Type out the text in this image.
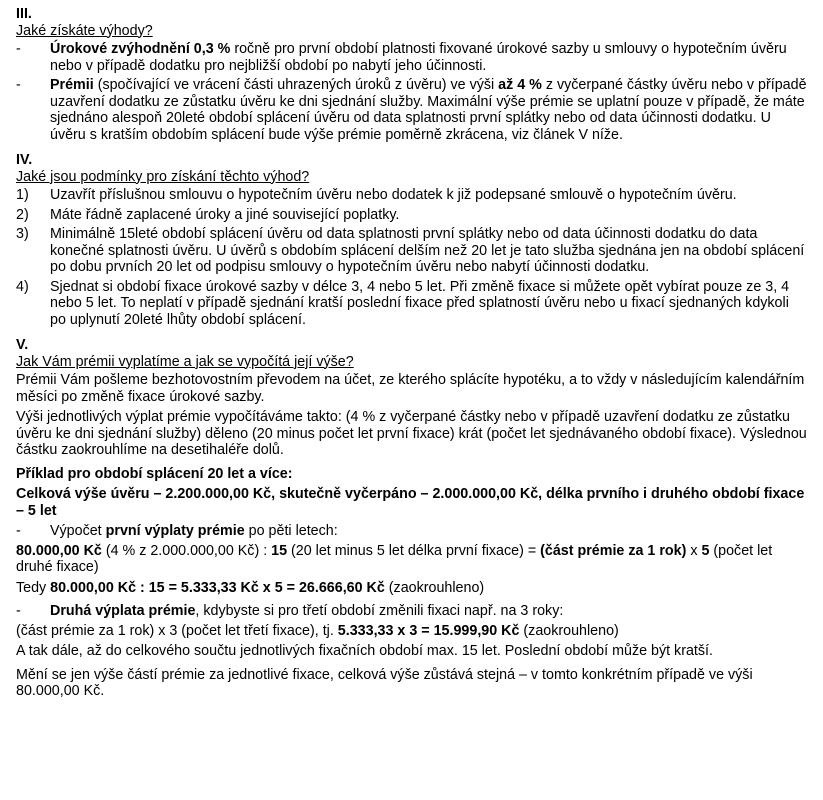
III.

Jaké získáte výhody?

-	Úrokové zvýhodnění 0,3 % ročně pro první období platnosti fixované úrokové sazby u smlouvy o hypotečním úvěru nebo v případě dodatku pro nejbližší období po nabytí jeho účinnosti.
-	Prémii (spočívající ve vrácení části uhrazených úroků z úvěru) ve výši až 4 % z vyčerpané částky úvěru nebo v případě uzavření dodatku ze zůstatku úvěru ke dni sjednání služby. Maximální výše prémie se uplatní pouze v případě, že máte sjednáno alespoň 20leté období splácení úvěru od data splatnosti první splátky nebo od data účinnosti dodatku. U úvěru s kratším obdobím splácení bude výše prémie poměrně zkrácena, viz článek V níže.

IV.

Jaké jsou podmínky pro získání těchto výhod?

1)	Uzavřít příslušnou smlouvu o hypotečním úvěru nebo dodatek k již podepsané smlouvě o hypotečním úvěru.
2)	Máte řádně zaplacené úroky a jiné související poplatky.
3)	Minimálně 15leté období splácení úvěru od data splatnosti první splátky nebo od data účinnosti dodatku do data konečné splatnosti úvěru. U úvěrů s obdobím splácení delším než 20 let je tato služba sjednána jen na období splácení po dobu prvních 20 let od podpisu smlouvy o hypotečním úvěru nebo nabytí účinnosti dodatku.
4)	Sjednat si období fixace úrokové sazby v délce 3, 4 nebo 5 let. Při změně fixace si můžete opět vybírat pouze ze 3, 4 nebo 5 let. To neplatí v případě sjednání kratší poslední fixace před splatností úvěru nebo u fixací sjednaných kdykoli po uplynutí 20leté lhůty období splácení.

V.

Jak Vám prémii vyplatíme a jak se vypočítá její výše?

Prémii Vám pošleme bezhotovostním převodem na účet, ze kterého splácíte hypotéku, a to vždy v následujícím kalendářním měsíci po změně fixace úrokové sazby.

Výši jednotlivých výplat prémie vypočítáváme takto: (4 % z vyčerpané částky nebo v případě uzavření dodatku ze zůstatku úvěru ke dni sjednání služby) děleno (20 minus počet let první fixace) krát (počet let sjednávaného období fixace). Výslednou částku zaokrouhlíme na desetihaléře dolů.

Příklad pro období splácení 20 let a více:

Celková výše úvěru – 2.200.000,00 Kč, skutečně vyčerpáno – 2.000.000,00 Kč, délka prvního i druhého období fixace – 5 let

-	Výpočet první výplaty prémie po pěti letech:

80.000,00 Kč (4 % z 2.000.000,00 Kč) : 15 (20 let minus 5 let délka první fixace) = (část prémie za 1 rok) x 5 (počet let druhé fixace)

Tedy 80.000,00 Kč : 15 = 5.333,33 Kč x 5 = 26.666,60 Kč (zaokrouhleno)

-	Druhá výplata prémie, kdybyste si pro třetí období změnili fixaci např. na 3 roky:

(část prémie za 1 rok) x 3 (počet let třetí fixace), tj. 5.333,33 x 3 = 15.999,90 Kč (zaokrouhleno)

A tak dále, až do celkového součtu jednotlivých fixačních období max. 15 let. Poslední období může být kratší.

Mění se jen výše částí prémie za jednotlivé fixace, celková výše zůstává stejná – v tomto konkrétním případě ve výši 80.000,00 Kč.
